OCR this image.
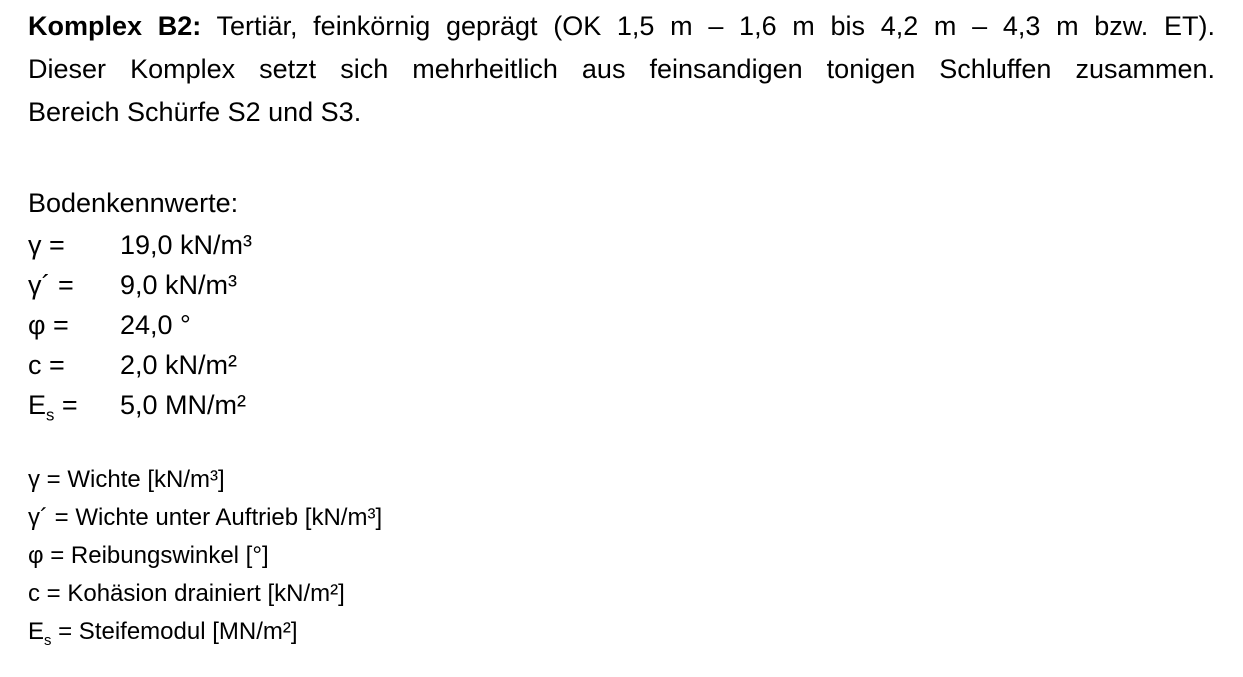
Komplex B2: Tertiär, feinkörnig geprägt (OK 1,5 m – 1,6 m bis 4,2 m – 4,3 m bzw. ET).
Dieser Komplex setzt sich mehrheitlich aus feinsandigen tonigen Schluffen zusammen.
Bereich Schürfe S2 und S3.
Bodenkennwerte:
γ = 19,0 kN/m³
γ´ = 9,0 kN/m³
φ = 24,0 °
c = 2,0 kN/m²
$E_s = 5,0$ MN/m²
γ = Wichte [kN/m³]
γ´ = Wichte unter Auftrieb [kN/m³]
φ = Reibungswinkel [°]
c = Kohäsion drainiert [kN/m²]
$E_s$ = Steifemodul [MN/m²]
